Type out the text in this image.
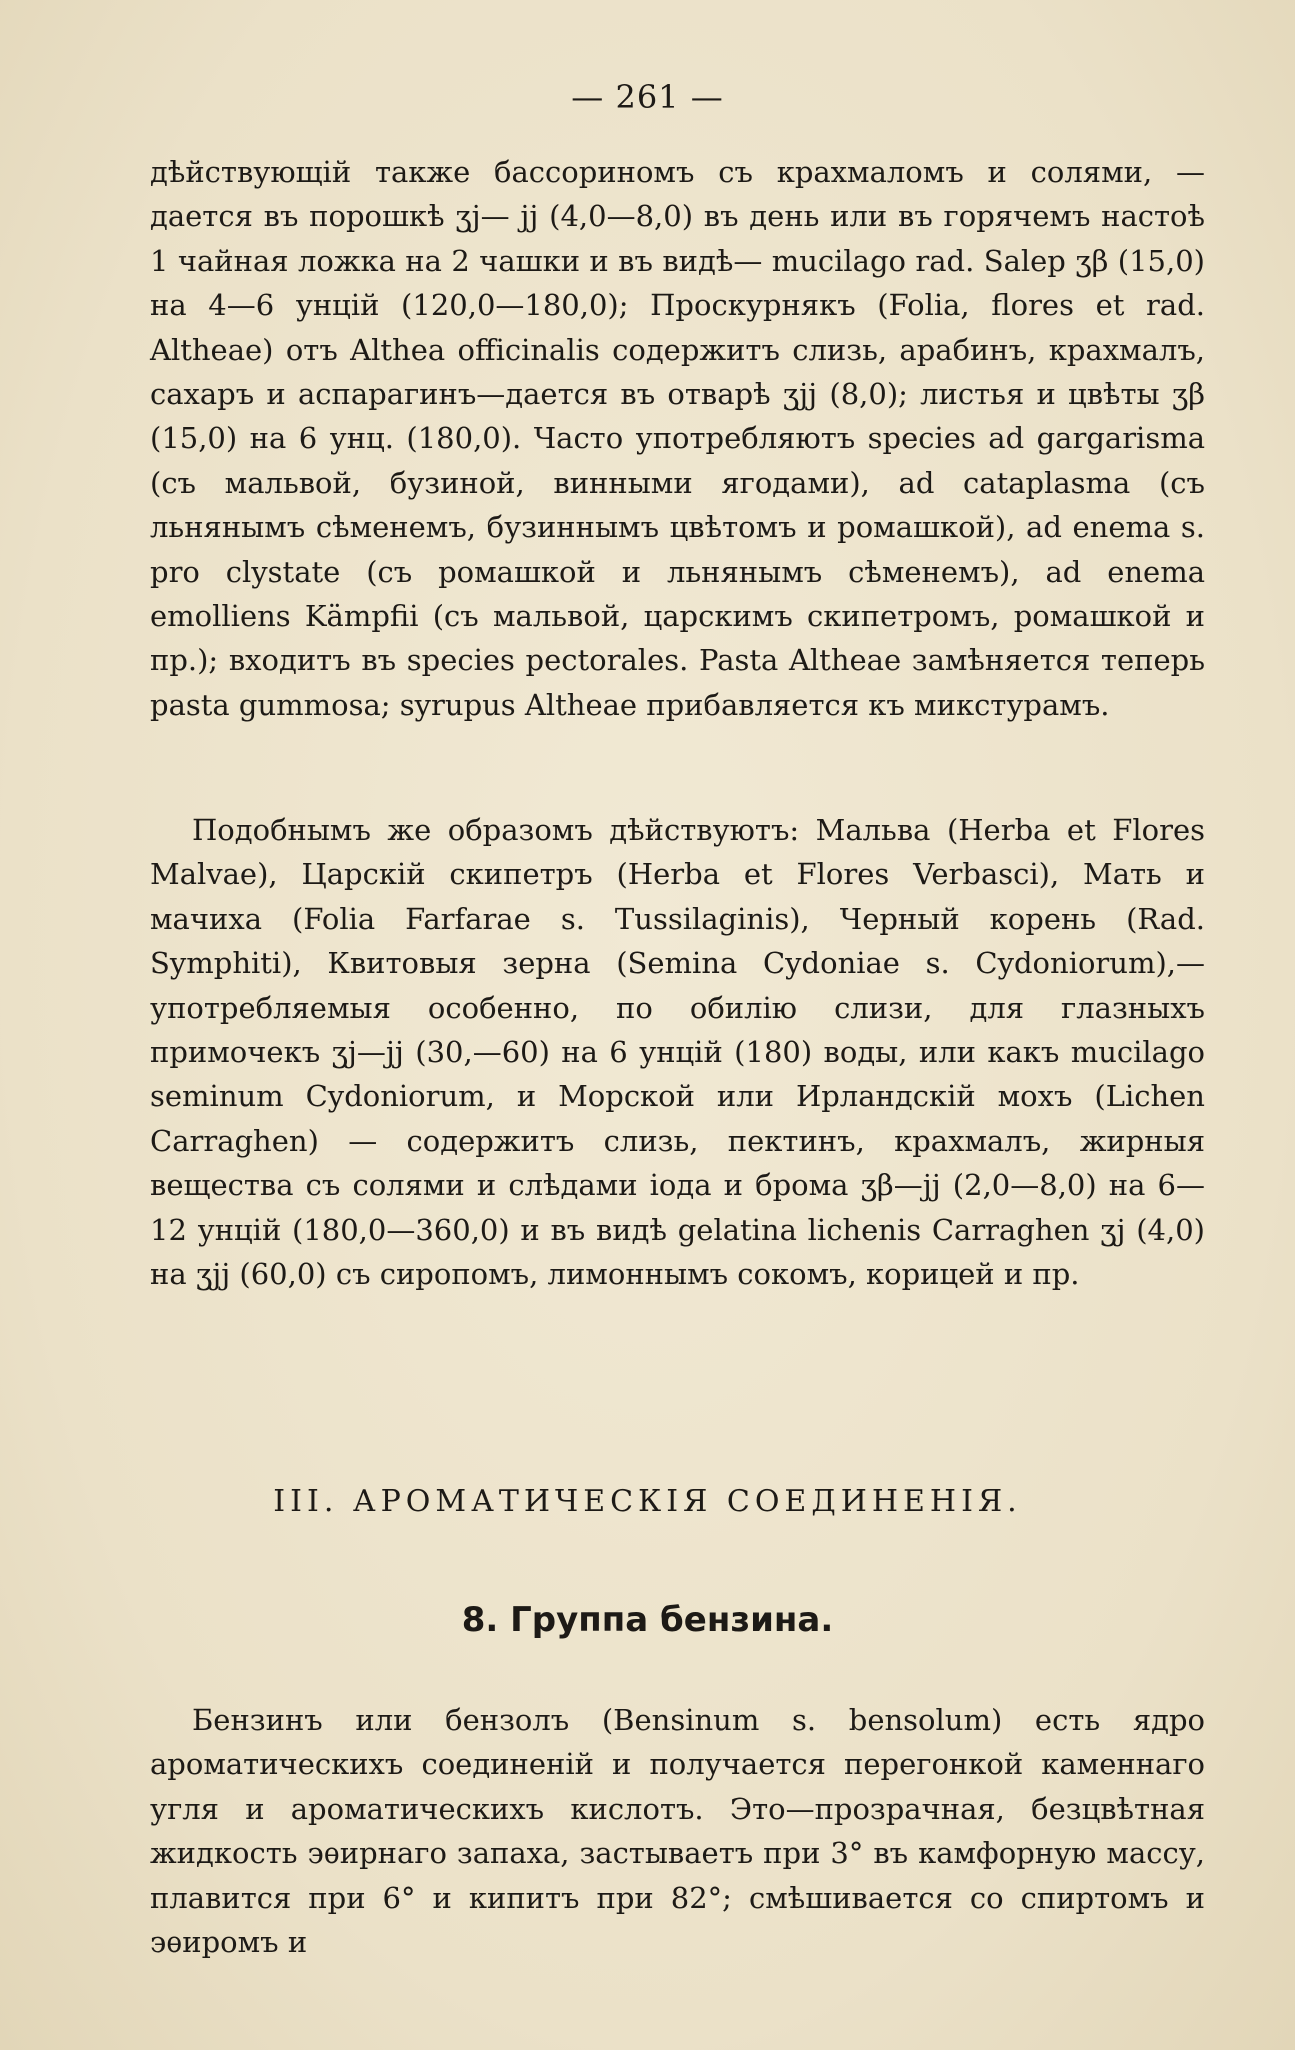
— 261 —

дѣйствующій также бассориномъ съ крахмаломъ и солями, — дается въ порошкѣ ʒj— jj (4,0—8,0) въ день или въ горячемъ настоѣ 1 чайная ложка на 2 чашки и въ видѣ— mucilago rad. Salep ʒβ (15,0) на 4—6 унцій (120,0—180,0); Проскурнякъ (Folia, flores et rad. Altheae) отъ Althea officinalis содержитъ слизь, арабинъ, крахмалъ, сахаръ и аспарагинъ—дается въ отварѣ ʒjj (8,0); листья и цвѣты ʒβ (15,0) на 6 унц. (180,0). Часто употребляютъ species ad gargarisma (съ мальвой, бузиной, винными ягодами), ad cataplasma (съ льнянымъ сѣменемъ, бузиннымъ цвѣтомъ и ромашкой), ad enema s. pro clystate (съ ромашкой и льнянымъ сѣменемъ), ad enema emolliens Kämpfii (съ мальвой, царскимъ скипетромъ, ромашкой и пр.); входитъ въ species pectorales. Pasta Altheae замѣняется теперь pasta gummosa; syrupus Altheae прибавляется къ микстурамъ.

Подобнымъ же образомъ дѣйствуютъ: Мальва (Herba et Flores Malvae), Царскій скипетръ (Herba et Flores Verbasci), Мать и мачиха (Folia Farfarae s. Tussilaginis), Черный корень (Rad. Symphiti), Квитовыя зерна (Semina Cydoniae s. Cydoniorum),—употребляемыя особенно, по обилію слизи, для глазныхъ примочекъ ʒj—jj (30,—60) на 6 унцій (180) воды, или какъ mucilago seminum Cydoniorum, и Морской или Ирландскій мохъ (Lichen Carraghen) — содержитъ слизь, пектинъ, крахмалъ, жирныя вещества съ солями и слѣдами іода и брома ʒβ—jj (2,0—8,0) на 6—12 унцій (180,0—360,0) и въ видѣ gelatina lichenis Carraghen ʒj (4,0) на ʒjj (60,0) съ сиропомъ, лимоннымъ сокомъ, корицей и пр.

III. АРОМАТИЧЕСКІЯ СОЕДИНЕНІЯ.
8. Группа бензина.

Бензинъ или бензолъ (Bensinum s. bensolum) есть ядро ароматическихъ соединеній и получается перегонкой каменнаго угля и ароматическихъ кислотъ. Это—прозрачная, безцвѣтная жидкость эѳирнаго запаха, застываетъ при 3° въ камфорную массу, плавится при 6° и кипитъ при 82°; смѣшивается со спиртомъ и эѳиромъ и
